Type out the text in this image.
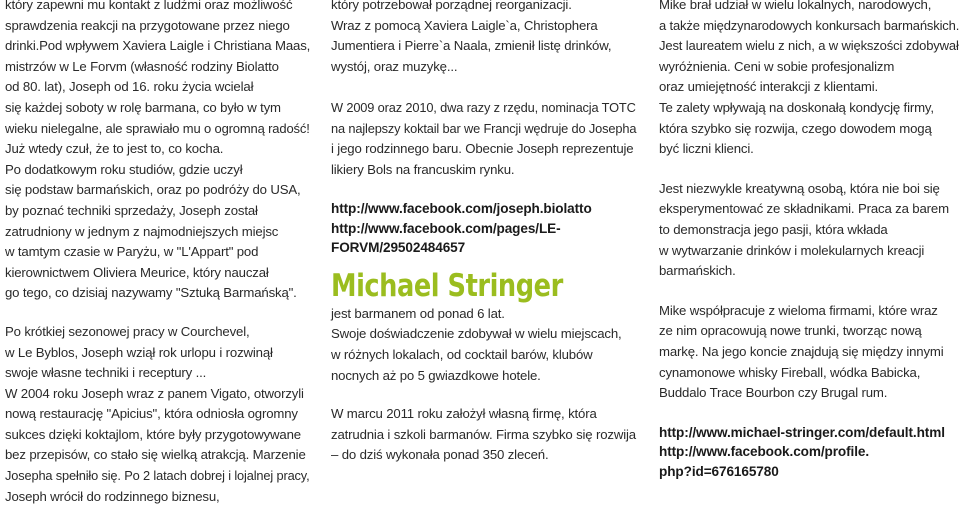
który zapewni mu kontakt z ludźmi oraz możliwość
sprawdzenia reakcji na przygotowane przez niego
drinki.Pod wpływem Xaviera Laigle i Christiana Maas,
mistrzów w Le Forvm (własność rodziny Biolatto
od 80. lat), Joseph od 16. roku życia wcielał
się każdej soboty w rolę barmana, co było w tym
wieku nielegalne, ale sprawiało mu o ogromną radość!
Już wtedy czuł, że to jest to, co kocha.
Po dodatkowym roku studiów, gdzie uczył
się podstaw barmańskich, oraz po podróży do USA,
by poznać techniki sprzedaży, Joseph został
zatrudniony w jednym z najmodniejszych miejsc
w tamtym czasie w Paryżu, w "L'Appart" pod
kierownictwem Oliviera Meurice, który nauczał
go tego, co dzisiaj nazywamy "Sztuką Barmańską".
Po krótkiej sezonowej pracy w Courchevel,
w Le Byblos, Joseph wziął rok urlopu i rozwinął
swoje własne techniki i receptury ...
W 2004 roku Joseph wraz z panem Vigato, otworzyli
nową restaurację "Apicius", która odniosła ogromny
sukces dzięki koktajlom, które były przygotowywane
bez przepisów, co stało się wielką atrakcją. Marzenie
Josepha spełniło się. Po 2 latach dobrej i lojalnej pracy,
Joseph wrócił do rodzinnego biznesu,
który potrzebował porządnej reorganizacji.
Wraz z pomocą Xaviera Laigle`a, Christophera
Jumentiera i Pierre`a Naala, zmienił listę drinków,
wystój, oraz muzykę...
W 2009 oraz 2010, dwa razy z rzędu, nominacja TOTC
na najlepszy koktail bar we Francji wędruje do Josepha
i jego rodzinnego baru. Obecnie Joseph reprezentuje
likiery Bols na francuskim rynku.
http://www.facebook.com/joseph.biolatto
http://www.facebook.com/pages/LE-
FORVM/29502484657
Michael Stringer
jest barmanem od ponad 6 lat.
Swoje doświadczenie zdobywał w wielu miejscach,
w różnych lokalach, od cocktail barów, klubów
nocnych aż po 5 gwiazdkowe hotele.
W marcu 2011 roku założył własną firmę, która
zatrudnia i szkoli barmanów. Firma szybko się rozwija
– do dziś wykonała ponad 350 zleceń.
Mike brał udział w wielu lokalnych, narodowych,
a także międzynarodowych konkursach barmańskich.
Jest laureatem wielu z nich, a w większości zdobywał
wyróżnienia. Ceni w sobie profesjonalizm
oraz umiejętność interakcji z klientami.
Te zalety wpływają na doskonałą kondycję firmy,
która szybko się rozwija, czego dowodem mogą
być liczni klienci.
Jest niezwykle kreatywną osobą, która nie boi się
eksperymentować ze składnikami. Praca za barem
to demonstracja jego pasji, która wkłada
w wytwarzanie drinków i molekularnych kreacji
barmańskich.
Mike współpracuje z wieloma firmami, które wraz
ze nim opracowują nowe trunki, tworząc nową
markę. Na jego koncie znajdują się między innymi
cynamonowe whisky Fireball, wódka Babicka,
Buddalo Trace Bourbon czy Brugal rum.
http://www.michael-stringer.com/default.html
http://www.facebook.com/profile.
php?id=676165780
